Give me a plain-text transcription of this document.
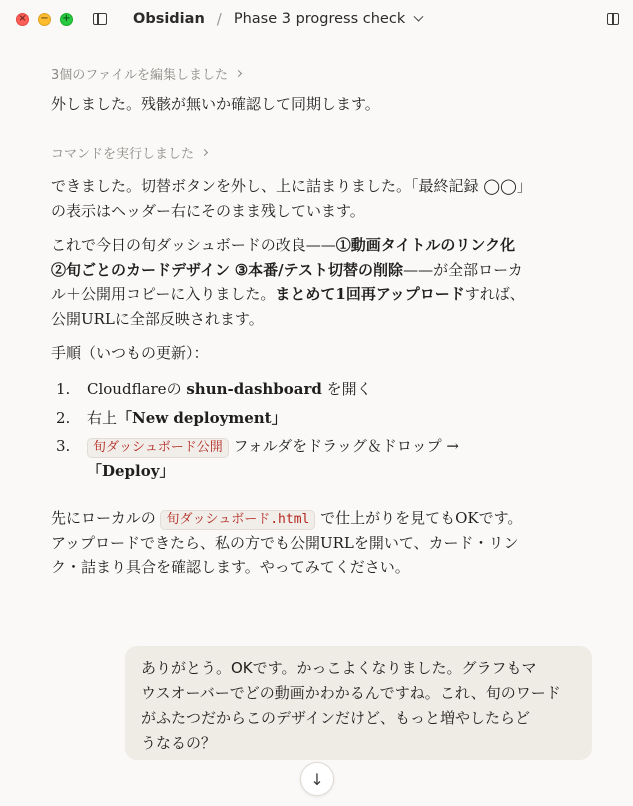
× − +	Obsidian / Phase 3 progress check
3個のファイルを編集しました

外しました。残骸が無いか確認して同期します。

コマンドを実行しました
できました。切替ボタンを外し、上に詰まりました。「最終記録 ◯◯」
の表示はヘッダー右にそのまま残しています。
これで今日の旬ダッシュボードの改良——①動画タイトルのリンク化
②旬ごとのカードデザイン ③本番/テスト切替の削除——が全部ローカ
ル＋公開用コピーに入りました。まとめて1回再アップロードすれば、
公開URLに全部反映されます。

手順（いつもの更新）：

1.	Cloudflareの shun-dashboard を開く
2.	右上「New deployment」
3.	旬ダッシュボード公開 フォルダをドラッグ＆ドロップ →
「Deploy」
先にローカルの 旬ダッシュボード.html で仕上がりを見てもOKです。
アップロードできたら、私の方でも公開URLを開いて、カード・リン
ク・詰まり具合を確認します。やってみてください。
ありがとう。OKです。かっこよくなりました。グラフもマ
ウスオーバーでどの動画かわかるんですね。これ、旬のワード
がふたつだからこのデザインだけど、もっと増やしたらど
うなるの？
↓
